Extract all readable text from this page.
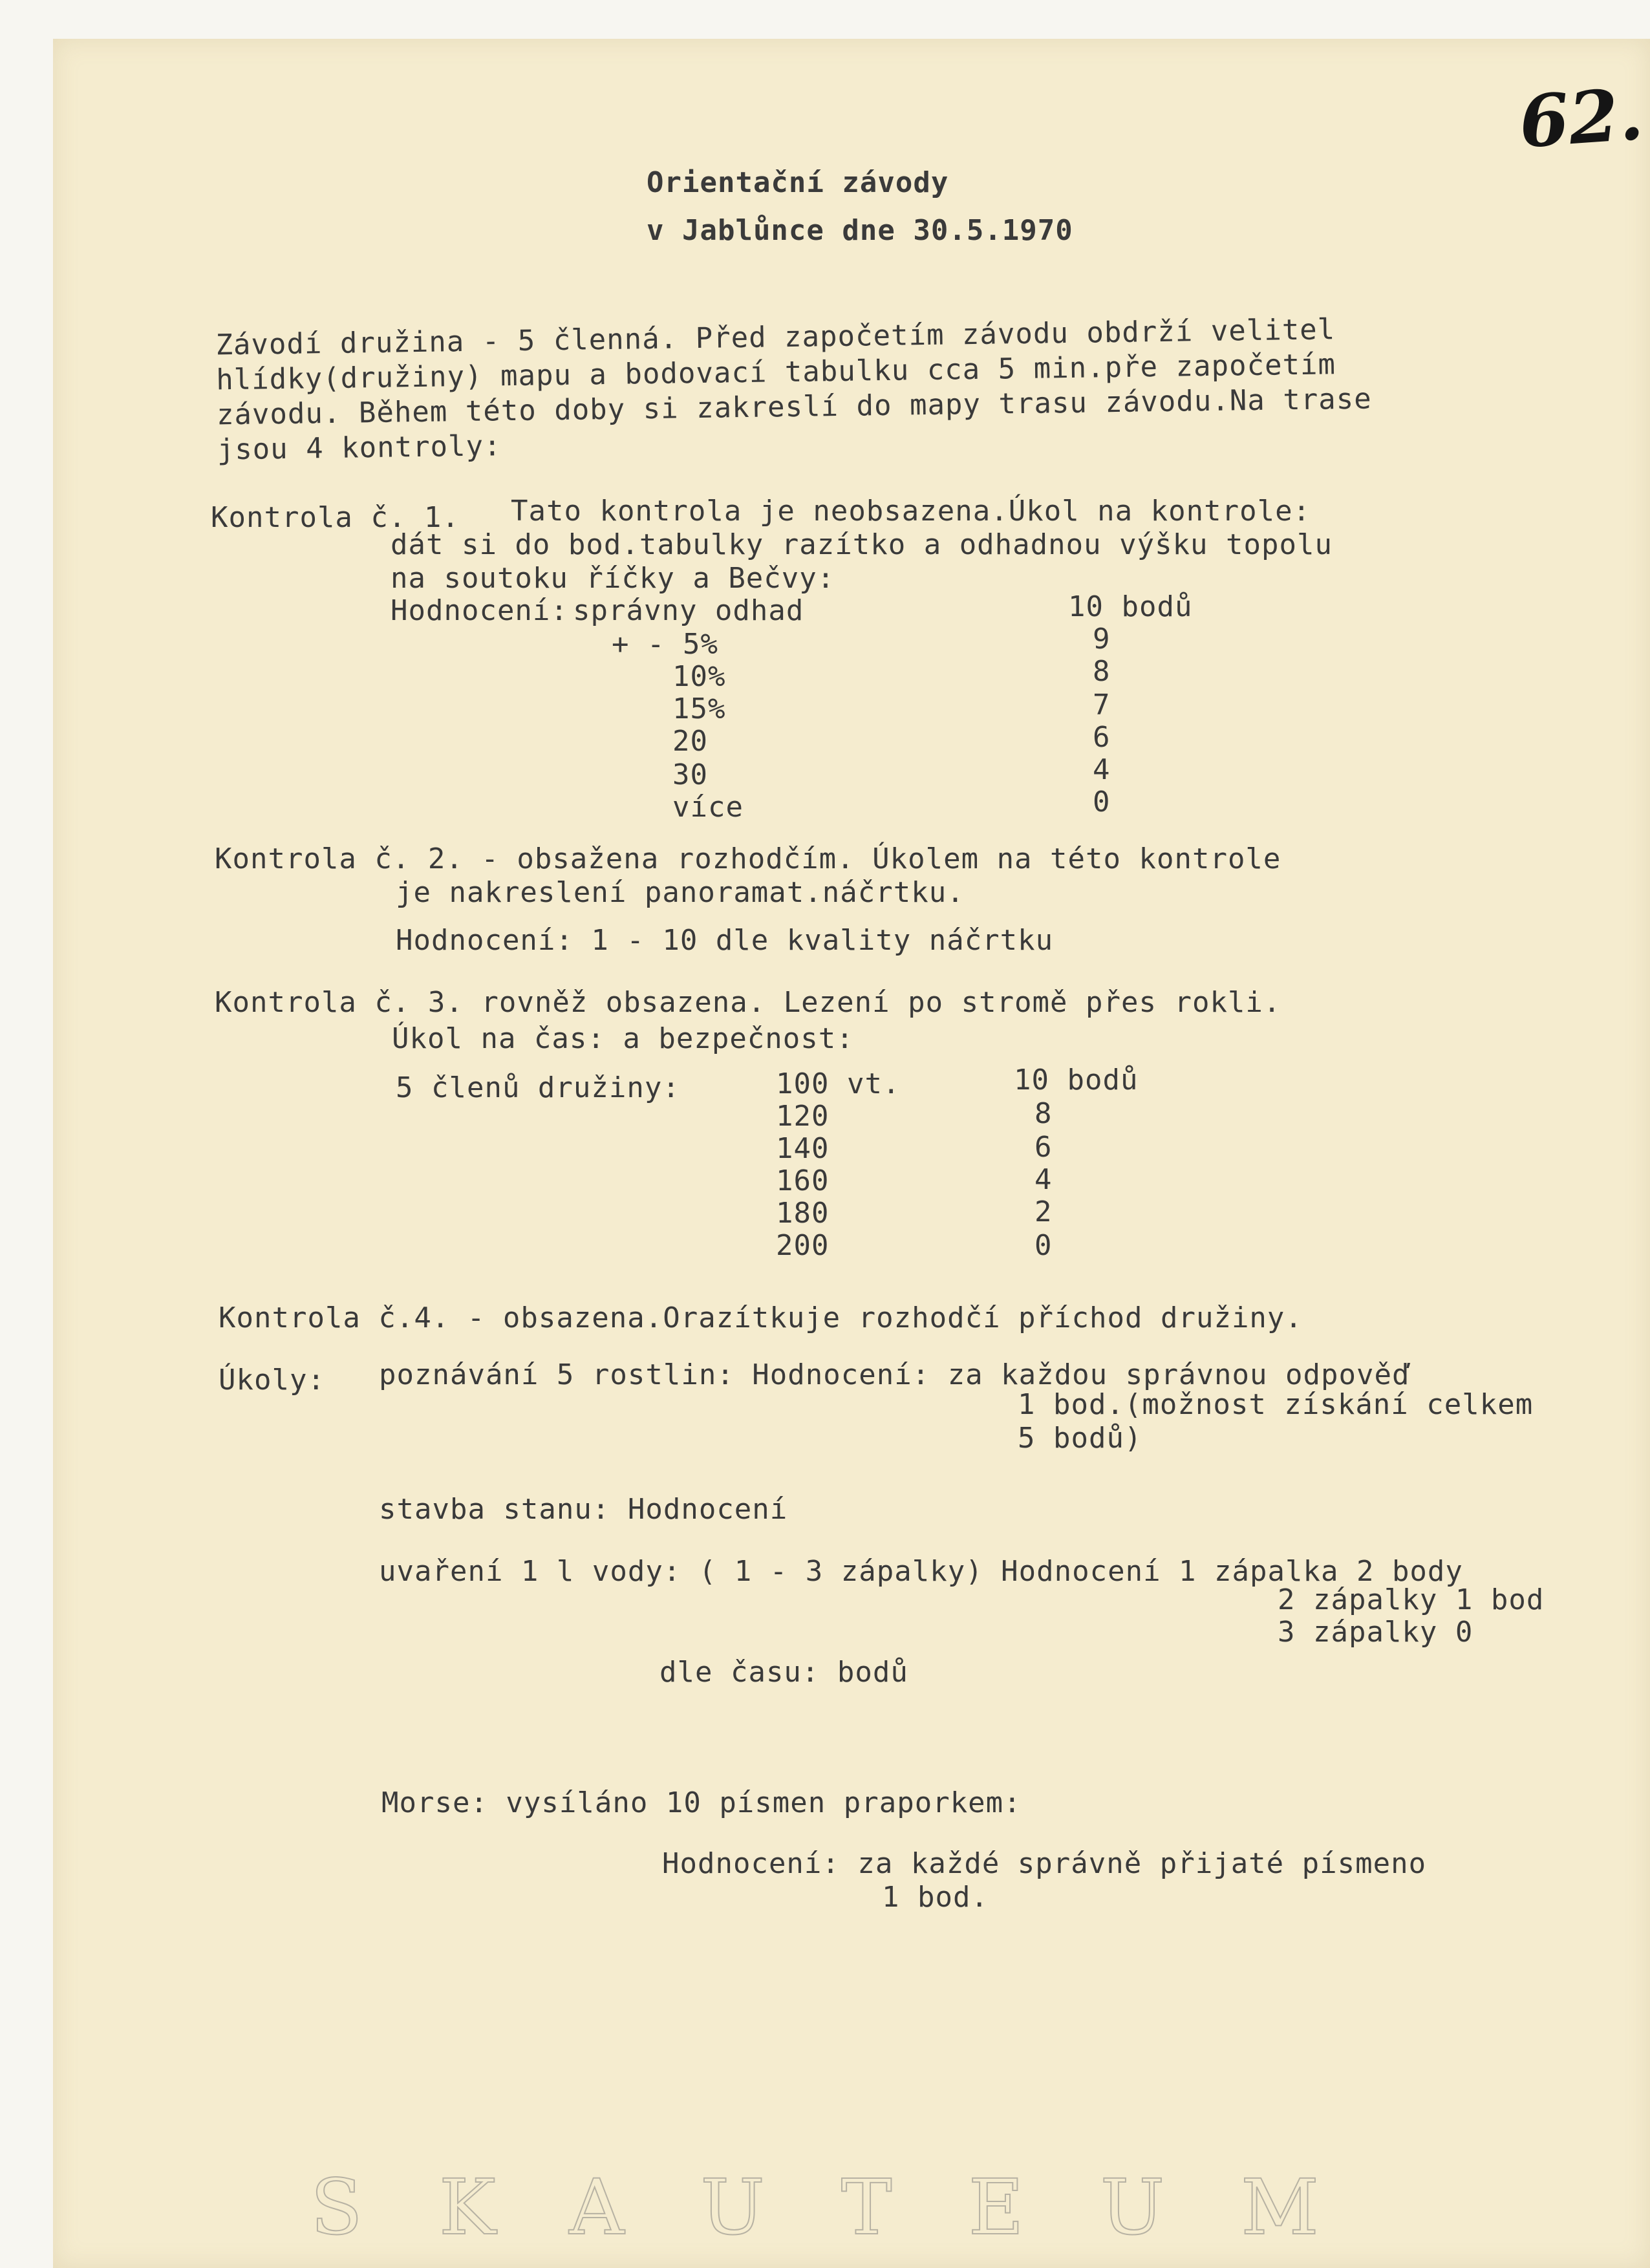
62.
Orientační závody
v Jablůnce dne 30.5.1970
Závodí družina - 5 členná. Před započetím závodu obdrží velitel
hlídky(družiny) mapu a bodovací tabulku cca 5 min.pře započetím
závodu. Během této doby si zakreslí do mapy trasu závodu.Na trase
jsou 4 kontroly:
Kontrola č. 1. Tato kontrola je neobsazena.Úkol na kontrole:
dát si do bod.tabulky razítko a odhadnou výšku topolu
na soutoku říčky a Bečvy:
Hodnocení: správny odhad	10 bodů
+ - 5%	9
10%	8
15%	7
20	6
30	4
více	0
Kontrola č. 2. - obsažena rozhodčím. Úkolem na této kontrole
je nakreslení panoramat.náčrtku.
Hodnocení: 1 - 10 dle kvality náčrtku
Kontrola č. 3. rovněž obsazena. Lezení po stromě přes rokli.
Úkol na čas: a bezpečnost:
5 členů družiny:	100 vt.	10 bodů
120	8
140	6
160	4
180	2
200	0
Kontrola č.4. - obsazena.Orazítkuje rozhodčí příchod družiny.
Úkoly: poznávání 5 rostlin: Hodnocení: za každou správnou odpověď
1 bod.(možnost získání celkem
5 bodů)
stavba stanu: Hodnocení
uvaření 1 l vody: ( 1 - 3 zápalky) Hodnocení 1 zápalka 2 body
2 zápalky 1 bod
3 zápalky 0
dle času: bodů
Morse: vysíláno 10 písmen praporkem:
Hodnocení: za každé správně přijaté písmeno
1 bod.
SKAUTEUM
